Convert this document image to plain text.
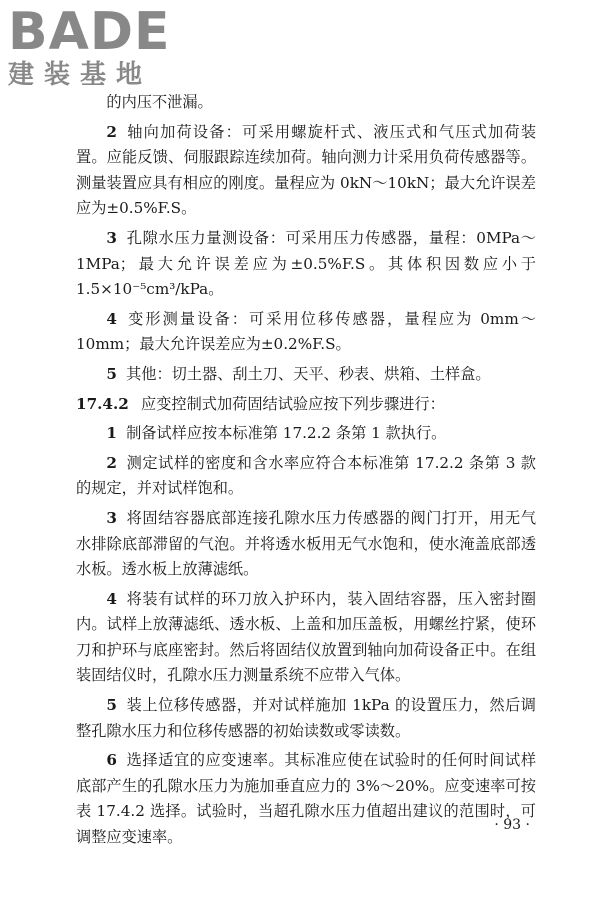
BADE
建装基地

的内压不泄漏。

2 轴向加荷设备：可采用螺旋杆式、液压式和气压式加荷装置。应能反馈、伺服跟踪连续加荷。轴向测力计采用负荷传感器等。测量装置应具有相应的刚度。量程应为 0kN～10kN；最大允许误差应为±0.5%F.S。

3 孔隙水压力量测设备：可采用压力传感器，量程：0MPa～1MPa；最大允许误差应为±0.5%F.S。其体积因数应小于 1.5×10⁻⁵cm³/kPa。

4 变形测量设备：可采用位移传感器，量程应为 0mm～10mm；最大允许误差应为±0.2%F.S。

5 其他：切土器、刮土刀、天平、秒表、烘箱、土样盒。

17.4.2 应变控制式加荷固结试验应按下列步骤进行：

1 制备试样应按本标准第 17.2.2 条第 1 款执行。

2 测定试样的密度和含水率应符合本标准第 17.2.2 条第 3 款的规定，并对试样饱和。

3 将固结容器底部连接孔隙水压力传感器的阀门打开，用无气水排除底部滞留的气泡。并将透水板用无气水饱和，使水淹盖底部透水板。透水板上放薄滤纸。

4 将装有试样的环刀放入护环内，装入固结容器，压入密封圈内。试样上放薄滤纸、透水板、上盖和加压盖板，用螺丝拧紧，使环刀和护环与底座密封。然后将固结仪放置到轴向加荷设备正中。在组装固结仪时，孔隙水压力测量系统不应带入气体。

5 装上位移传感器，并对试样施加 1kPa 的设置压力，然后调整孔隙水压力和位移传感器的初始读数或零读数。

6 选择适宜的应变速率。其标准应使在试验时的任何时间试样底部产生的孔隙水压力为施加垂直应力的 3%～20%。应变速率可按表 17.4.2 选择。试验时，当超孔隙水压力值超出建议的范围时，可调整应变速率。

· 93 ·
